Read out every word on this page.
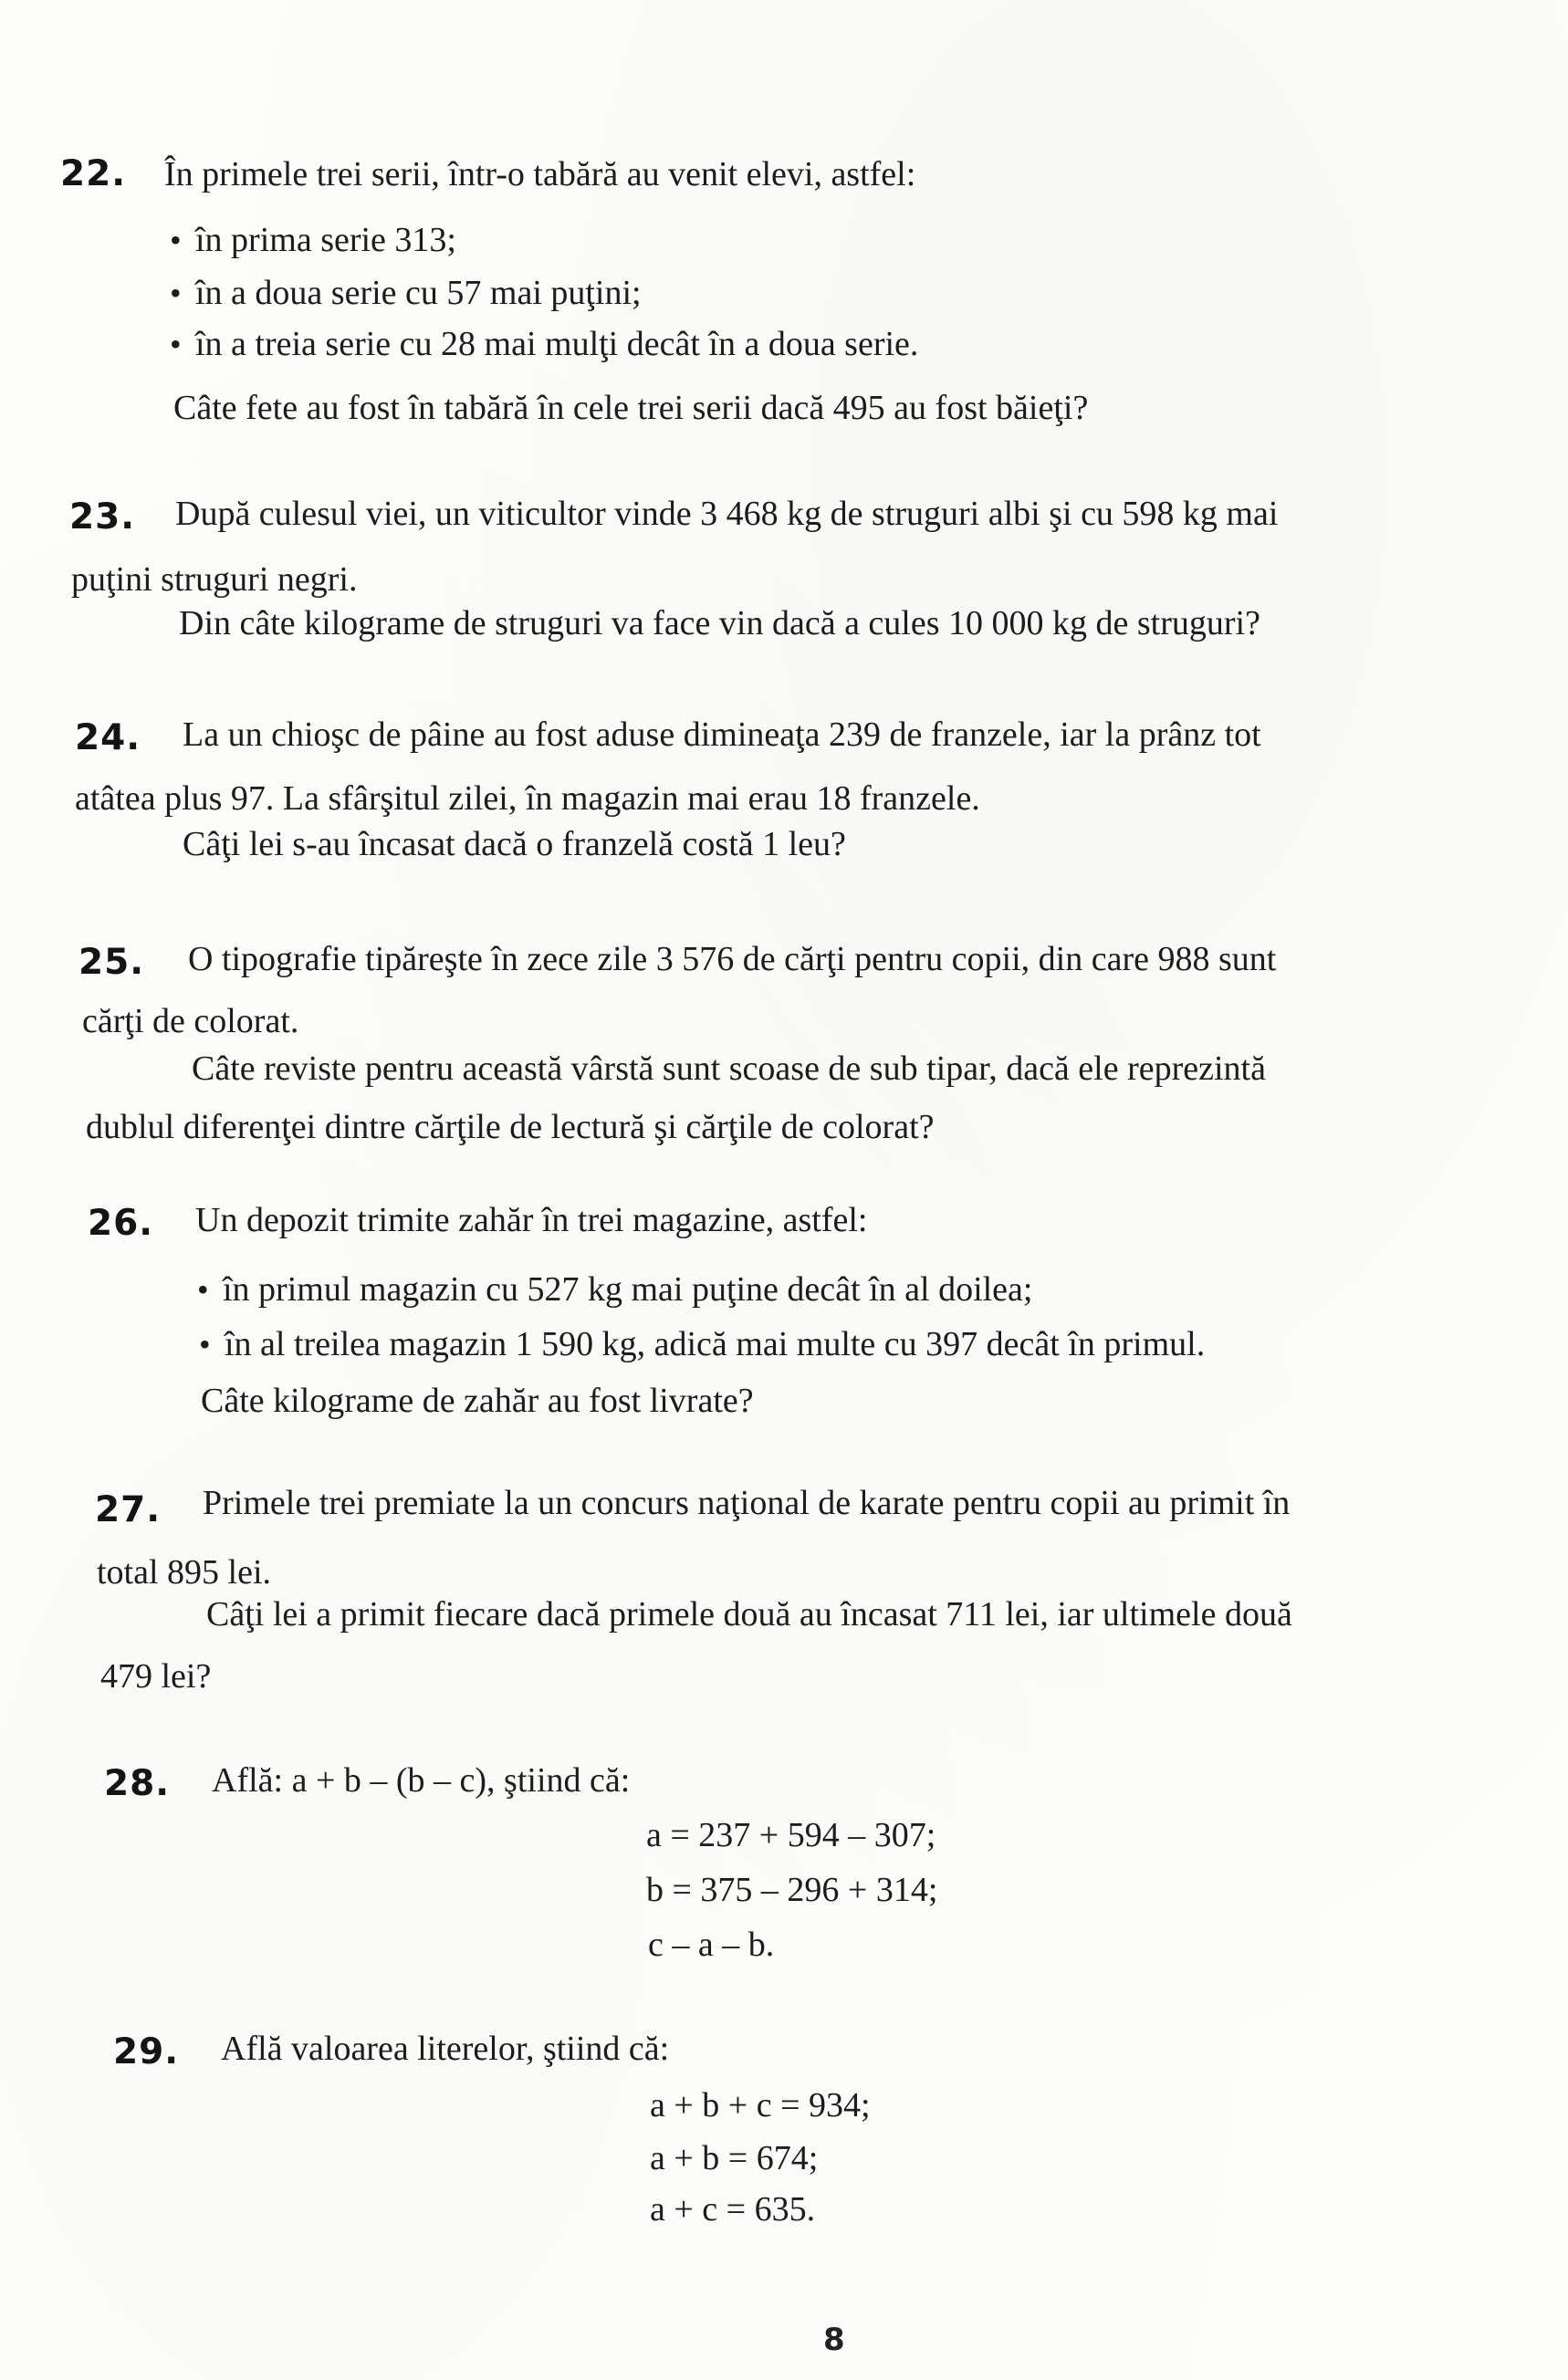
22. În primele trei serii, într-o tabără au venit elevi, astfel:
• în prima serie 313;
• în a doua serie cu 57 mai puţini;
• în a treia serie cu 28 mai mulţi decât în a doua serie.
Câte fete au fost în tabără în cele trei serii dacă 495 au fost băieţi?
23. După culesul viei, un viticultor vinde 3 468 kg de struguri albi şi cu 598 kg mai
puţini struguri negri.
Din câte kilograme de struguri va face vin dacă a cules 10 000 kg de struguri?
24. La un chioşc de pâine au fost aduse dimineaţa 239 de franzele, iar la prânz tot
atâtea plus 97. La sfârşitul zilei, în magazin mai erau 18 franzele.
Câţi lei s-au încasat dacă o franzelă costă 1 leu?
25. O tipografie tipăreşte în zece zile 3 576 de cărţi pentru copii, din care 988 sunt
cărţi de colorat.
Câte reviste pentru această vârstă sunt scoase de sub tipar, dacă ele reprezintă
dublul diferenţei dintre cărţile de lectură şi cărţile de colorat?
26. Un depozit trimite zahăr în trei magazine, astfel:
• în primul magazin cu 527 kg mai puţine decât în al doilea;
• în al treilea magazin 1 590 kg, adică mai multe cu 397 decât în primul.
Câte kilograme de zahăr au fost livrate?
27. Primele trei premiate la un concurs naţional de karate pentru copii au primit în
total 895 lei.
Câţi lei a primit fiecare dacă primele două au încasat 711 lei, iar ultimele două
479 lei?
28. Află: a + b – (b – c), ştiind că:
a = 237 + 594 – 307;
b = 375 – 296 + 314;
c – a – b.
29. Află valoarea literelor, ştiind că:
a + b + c = 934;
a + b = 674;
a + c = 635.
8
